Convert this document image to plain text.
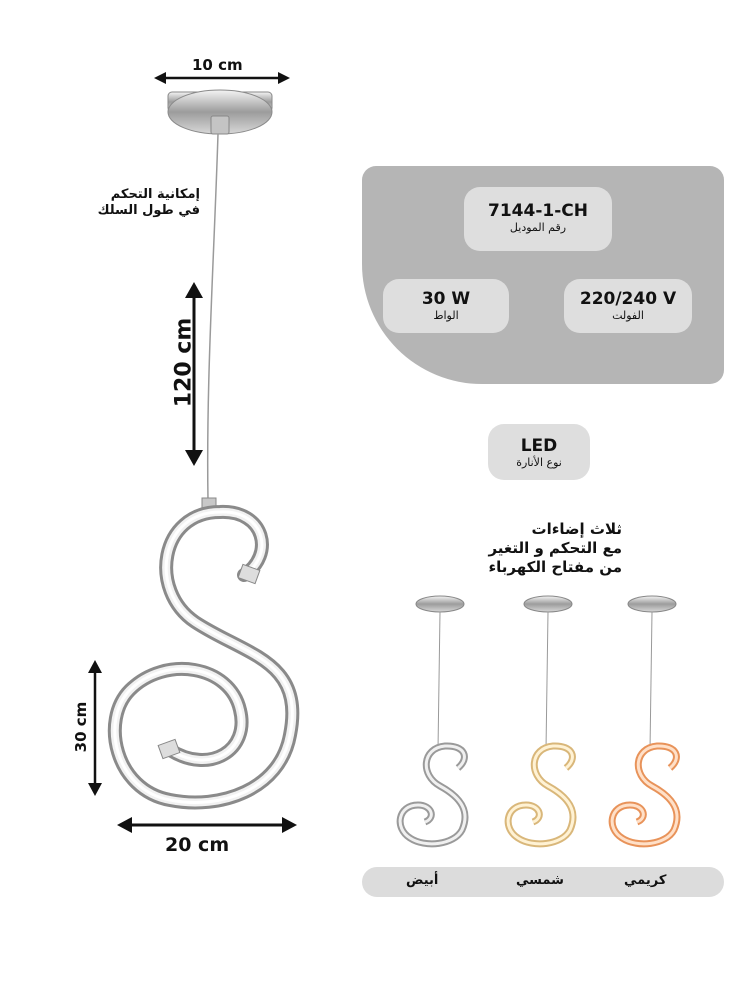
10 cm
120 cm
30 cm
20 cm
إمكانية التحكم
في طول السلك	7144-1-CH
رقم الموديل
30 W
الواط
220/240 V
الفولت
LED
نوع الأنارة
ثلاث إضاءات
مع التحكم و التغير
من مفتاح الكهرباء
أبيض	شمسي	كريمي
